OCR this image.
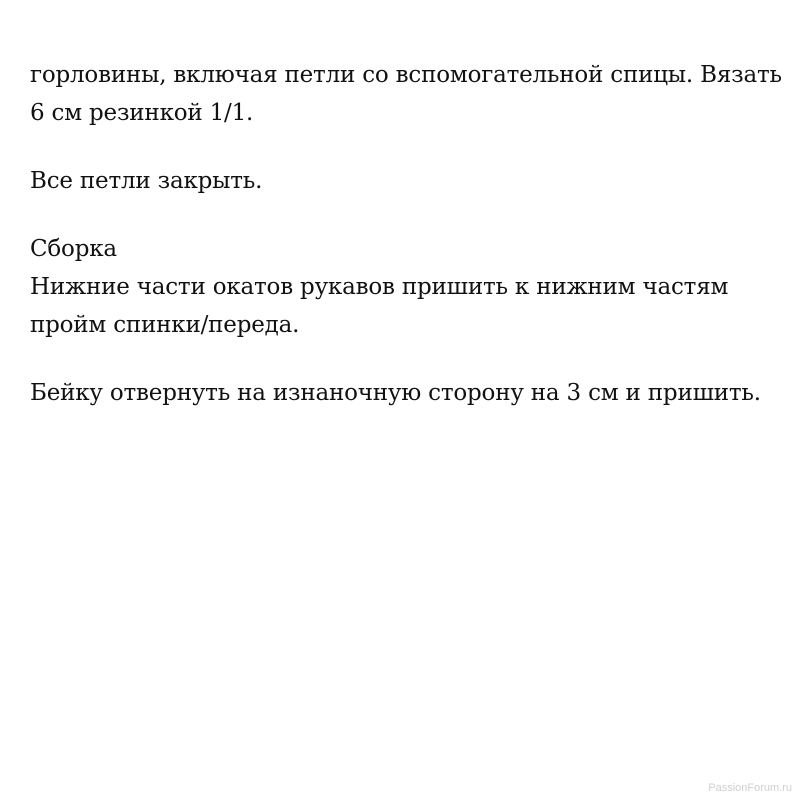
горловины, включая петли со вспомогательной спицы. Вязать
6 см резинкой 1/1.

Все петли закрыть.

Сборка
Нижние части окатов рукавов пришить к нижним частям
пройм спинки/переда.

Бейку отвернуть на изнаночную сторону на 3 см и пришить.

PassionForum.ru
